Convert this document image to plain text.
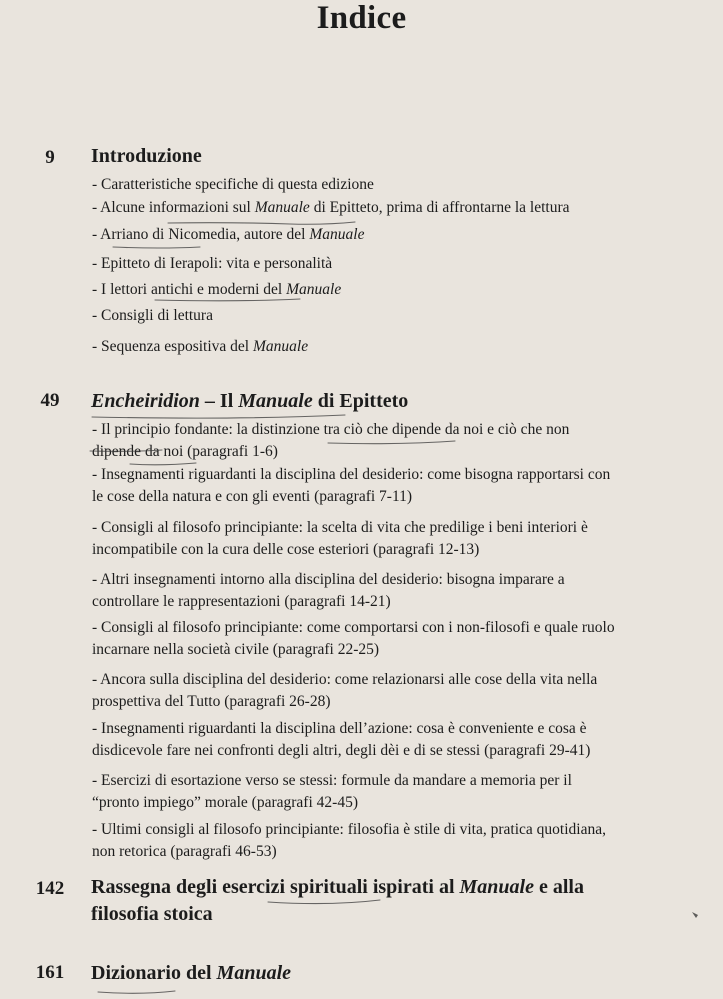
Indice
9	Introduzione
- Caratteristiche specifiche di questa edizione
- Alcune informazioni sul Manuale di Epitteto, prima di affrontarne la lettura
- Arriano di Nicomedia, autore del Manuale
- Epitteto di Ierapoli: vita e personalità
- I lettori antichi e moderni del Manuale
- Consigli di lettura
- Sequenza espositiva del Manuale
49	Encheiridion – Il Manuale di Epitteto
- Il principio fondante: la distinzione tra ciò che dipende da noi e ciò che non
dipende da noi (paragrafi 1-6)
- Insegnamenti riguardanti la disciplina del desiderio: come bisogna rapportarsi con
le cose della natura e con gli eventi (paragrafi 7-11)
- Consigli al filosofo principiante: la scelta di vita che predilige i beni interiori è
incompatibile con la cura delle cose esteriori (paragrafi 12-13)
- Altri insegnamenti intorno alla disciplina del desiderio: bisogna imparare a
controllare le rappresentazioni (paragrafi 14-21)
- Consigli al filosofo principiante: come comportarsi con i non-filosofi e quale ruolo
incarnare nella società civile (paragrafi 22-25)
- Ancora sulla disciplina del desiderio: come relazionarsi alle cose della vita nella
prospettiva del Tutto (paragrafi 26-28)
- Insegnamenti riguardanti la disciplina dell’azione: cosa è conveniente e cosa è
disdicevole fare nei confronti degli altri, degli dèi e di se stessi (paragrafi 29-41)
- Esercizi di esortazione verso se stessi: formule da mandare a memoria per il
“pronto impiego” morale (paragrafi 42-45)
- Ultimi consigli al filosofo principiante: filosofia è stile di vita, pratica quotidiana,
non retorica (paragrafi 46-53)
142	Rassegna degli esercizi spirituali ispirati al Manuale e alla
filosofia stoica
161	Dizionario del Manuale
